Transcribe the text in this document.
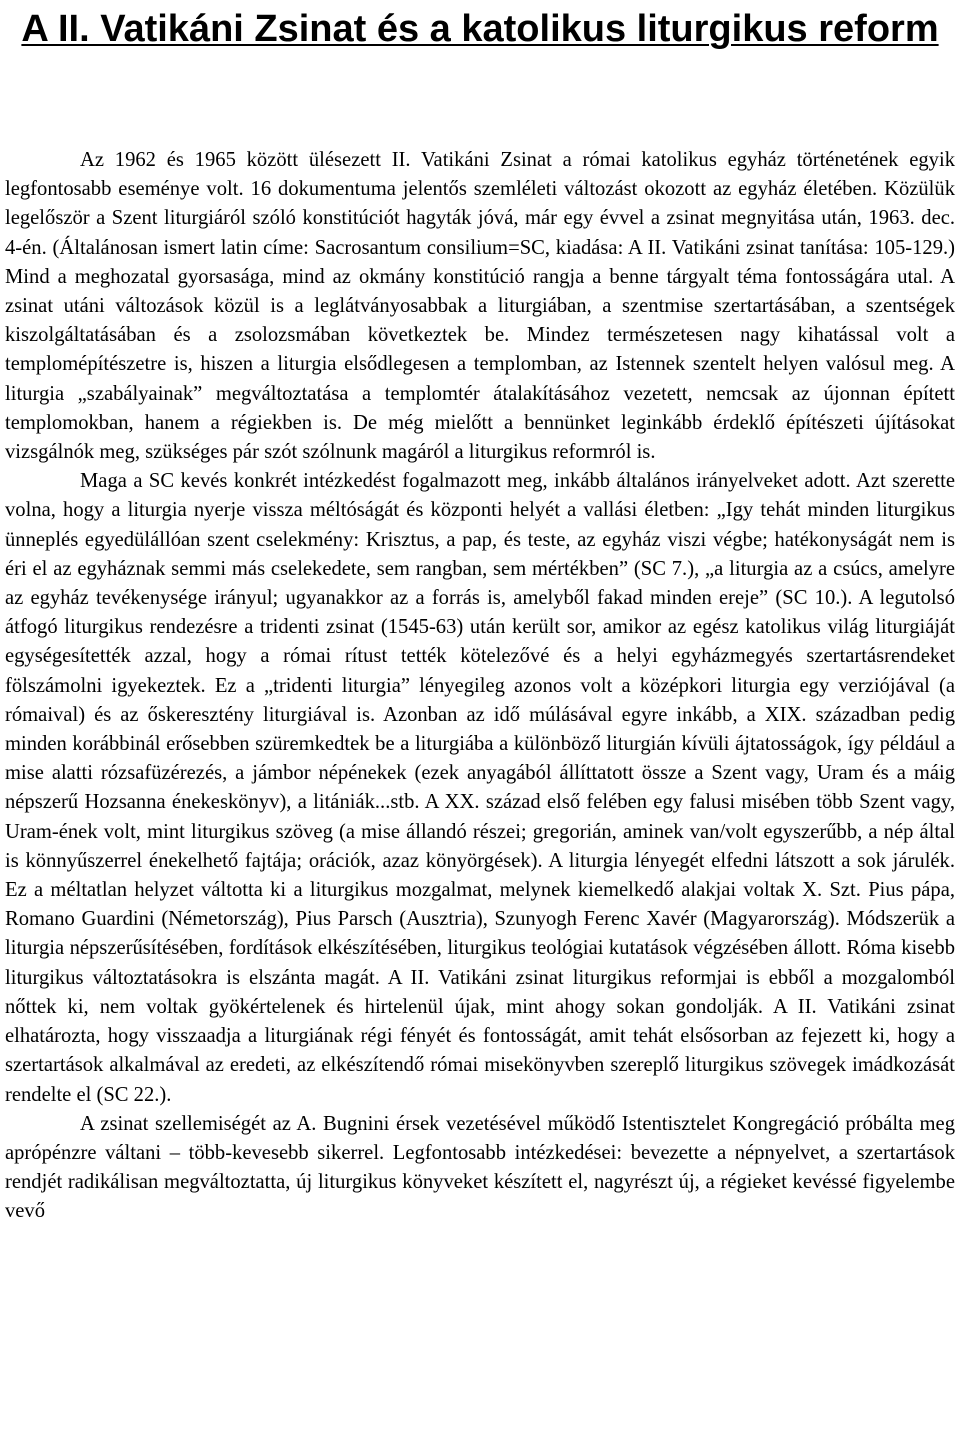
A II. Vatikáni Zsinat és a katolikus liturgikus reform

Az 1962 és 1965 között ülésezett II. Vatikáni Zsinat a római katolikus egyház történetének egyik legfontosabb eseménye volt. 16 dokumentuma jelentős szemléleti változást okozott az egyház életében. Közülük legelőször a Szent liturgiáról szóló konstitúciót hagyták jóvá, már egy évvel a zsinat megnyitása után, 1963. dec. 4-én. (Általánosan ismert latin címe: Sacrosantum consilium=SC, kiadása: A II. Vatikáni zsinat tanítása: 105-129.) Mind a meghozatal gyorsasága, mind az okmány konstitúció rangja a benne tárgyalt téma fontosságára utal. A zsinat utáni változások közül is a leglátványosabbak a liturgiában, a szentmise szertartásában, a szentségek kiszolgáltatásában és a zsolozsmában következtek be. Mindez természetesen nagy kihatással volt a templomépítészetre is, hiszen a liturgia elsődlegesen a templomban, az Istennek szentelt helyen valósul meg. A liturgia „szabályainak” megváltoztatása a templomtér átalakításához vezetett, nemcsak az újonnan épített templomokban, hanem a régiekben is. De még mielőtt a bennünket leginkább érdeklő építészeti újításokat vizsgálnók meg, szükséges pár szót szólnunk magáról a liturgikus reformról is.

Maga a SC kevés konkrét intézkedést fogalmazott meg, inkább általános irányelveket adott. Azt szerette volna, hogy a liturgia nyerje vissza méltóságát és központi helyét a vallási életben: „Igy tehát minden liturgikus ünneplés egyedülállóan szent cselekmény: Krisztus, a pap, és teste, az egyház viszi végbe; hatékonyságát nem is éri el az egyháznak semmi más cselekedete, sem rangban, sem mértékben” (SC 7.), „a liturgia az a csúcs, amelyre az egyház tevékenysége irányul; ugyanakkor az a forrás is, amelyből fakad minden ereje” (SC 10.). A legutolsó átfogó liturgikus rendezésre a tridenti zsinat (1545-63) után került sor, amikor az egész katolikus világ liturgiáját egységesítették azzal, hogy a római rítust tették kötelezővé és a helyi egyházmegyés szertartásrendeket fölszámolni igyekeztek. Ez a „tridenti liturgia” lényegileg azonos volt a középkori liturgia egy verziójával (a rómaival) és az őskeresztény liturgiával is. Azonban az idő múlásával egyre inkább, a XIX. században pedig minden korábbinál erősebben szüremkedtek be a liturgiába a különböző liturgián kívüli ájtatosságok, így például a mise alatti rózsafüzérezés, a jámbor népénekek (ezek anyagából állíttatott össze a Szent vagy, Uram és a máig népszerű Hozsanna énekeskönyv), a litániák...stb. A XX. század első felében egy falusi misében több Szent vagy, Uram-ének volt, mint liturgikus szöveg (a mise állandó részei; gregorián, aminek van/volt egyszerűbb, a nép által is könnyűszerrel énekelhető fajtája; orációk, azaz könyörgések). A liturgia lényegét elfedni látszott a sok járulék. Ez a méltatlan helyzet váltotta ki a liturgikus mozgalmat, melynek kiemelkedő alakjai voltak X. Szt. Pius pápa, Romano Guardini (Németország), Pius Parsch (Ausztria), Szunyogh Ferenc Xavér (Magyarország). Módszerük a liturgia népszerűsítésében, fordítások elkészítésében, liturgikus teológiai kutatások végzésében állott. Róma kisebb liturgikus változtatásokra is elszánta magát. A II. Vatikáni zsinat liturgikus reformjai is ebből a mozgalomból nőttek ki, nem voltak gyökértelenek és hirtelenül újak, mint ahogy sokan gondolják. A II. Vatikáni zsinat elhatározta, hogy visszaadja a liturgiának régi fényét és fontosságát, amit tehát elsősorban az fejezett ki, hogy a szertartások alkalmával az eredeti, az elkészítendő római misekönyvben szereplő liturgikus szövegek imádkozását rendelte el (SC 22.).

A zsinat szellemiségét az A. Bugnini érsek vezetésével működő Istentisztelet Kongregáció próbálta meg aprópénzre váltani – több-kevesebb sikerrel. Legfontosabb intézkedései: bevezette a népnyelvet, a szertartások rendjét radikálisan megváltoztatta, új liturgikus könyveket készített el, nagyrészt új, a régieket kevéssé figyelembe vevő
